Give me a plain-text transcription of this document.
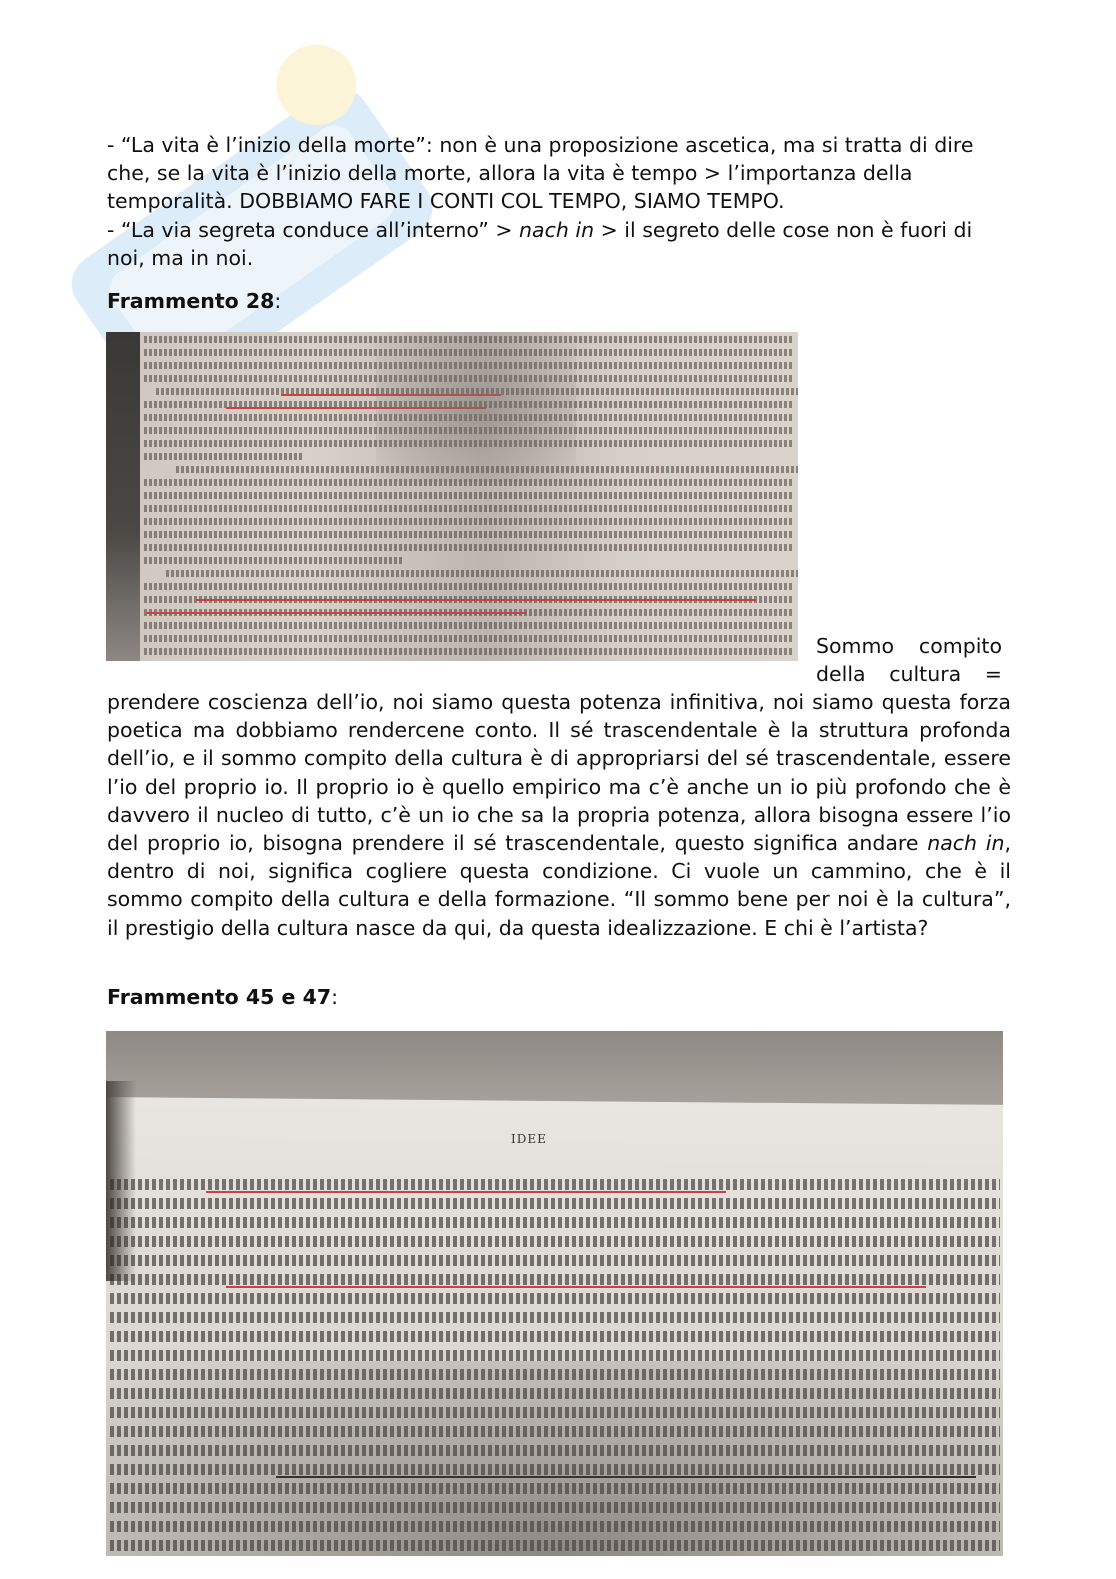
- “La vita è l’inizio della morte”: non è una proposizione ascetica, ma si tratta di dire che, se la vita è l’inizio della morte, allora la vita è tempo > l’importanza della temporalità. DOBBIAMO FARE I CONTI COL TEMPO, SIAMO TEMPO.

- “La via segreta conduce all’interno” > nach in > il segreto delle cose non è fuori di noi, ma in noi.

Frammento 28:
Sommo compito
della cultura =

prendere coscienza dell’io, noi siamo questa potenza infinitiva, noi siamo questa forza poetica ma dobbiamo rendercene conto. Il sé trascendentale è la struttura profonda dell’io, e il sommo compito della cultura è di appropriarsi del sé trascendentale, essere l’io del proprio io. Il proprio io è quello empirico ma c’è anche un io più profondo che è davvero il nucleo di tutto, c’è un io che sa la propria potenza, allora bisogna essere l’io del proprio io, bisogna prendere il sé trascendentale, questo significa andare nach in, dentro di noi, significa cogliere questa condizione. Ci vuole un cammino, che è il sommo compito della cultura e della formazione. “Il sommo bene per noi è la cultura”, il prestigio della cultura nasce da qui, da questa idealizzazione. E chi è l’artista?

Frammento 45 e 47:
IDEE
